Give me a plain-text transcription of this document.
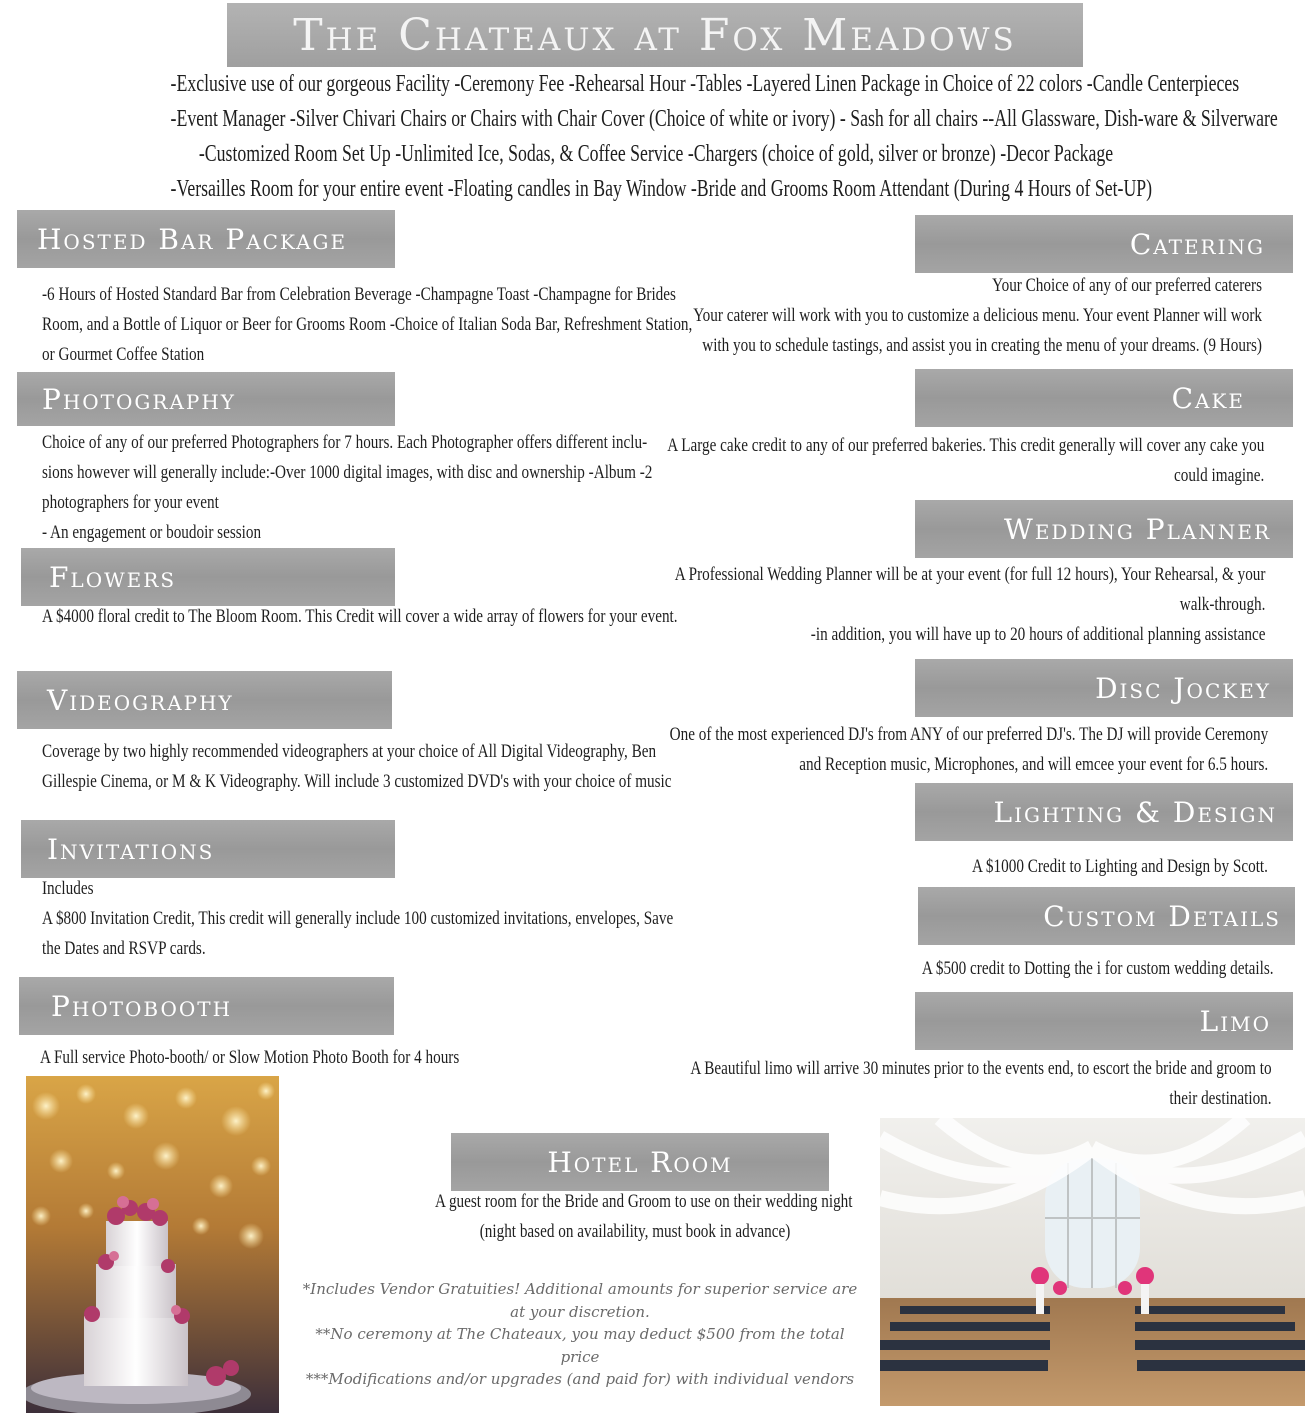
The Chateaux at Fox Meadows
-Exclusive use of our gorgeous Facility -Ceremony Fee -Rehearsal Hour -Tables -Layered Linen Package in Choice of 22 colors -Candle Centerpieces
-Event Manager -Silver Chivari Chairs or Chairs with Chair Cover (Choice of white or ivory) - Sash for all chairs --All Glassware, Dish-ware & Silverware
-Customized Room Set Up -Unlimited Ice, Sodas, & Coffee Service -Chargers (choice of gold, silver or bronze) -Decor Package
-Versailles Room for your entire event -Floating candles in Bay Window -Bride and Grooms Room Attendant (During 4 Hours of Set-UP)
Hosted Bar Package
-6 Hours of Hosted Standard Bar from Celebration Beverage -Champagne Toast -Champagne for Brides
Room, and a Bottle of Liquor or Beer for Grooms Room -Choice of Italian Soda Bar, Refreshment Station,
or Gourmet Coffee Station
Photography
Choice of any of our preferred Photographers for 7 hours. Each Photographer offers different inclu-
sions however will generally include:-Over 1000 digital images, with disc and ownership -Album -2
photographers for your event
- An engagement or boudoir session
Flowers
A $4000 floral credit to The Bloom Room. This Credit will cover a wide array of flowers for your event.
Videography
Coverage by two highly recommended videographers at your choice of All Digital Videography, Ben
Gillespie Cinema, or M & K Videography. Will include 3 customized DVD's with your choice of music
Invitations
Includes
A $800 Invitation Credit, This credit will generally include 100 customized invitations, envelopes, Save
the Dates and RSVP cards.
Photobooth
A Full service Photo-booth/ or Slow Motion Photo Booth for 4 hours
Catering
Your Choice of any of our preferred caterers
Your caterer will work with you to customize a delicious menu. Your event Planner will work
with you to schedule tastings, and assist you in creating the menu of your dreams. (9 Hours)
Cake
A Large cake credit to any of our preferred bakeries. This credit generally will cover any cake you
could imagine.
Wedding Planner
A Professional Wedding Planner will be at your event (for full 12 hours), Your Rehearsal, & your
walk-through.
-in addition, you will have up to 20 hours of additional planning assistance
Disc Jockey
One of the most experienced DJ's from ANY of our preferred DJ's. The DJ will provide Ceremony
and Reception music, Microphones, and will emcee your event for 6.5 hours.
Lighting & Design
A $1000 Credit to Lighting and Design by Scott.
Custom Details
A $500 credit to Dotting the i for custom wedding details.
Limo
A Beautiful limo will arrive 30 minutes prior to the events end, to escort the bride and groom to
their destination.
Hotel Room
A guest room for the Bride and Groom to use on their wedding night
(night based on availability, must book in advance)
*Includes Vendor Gratuities! Additional amounts for superior service are
at your discretion.
**No ceremony at The Chateaux, you may deduct $500 from the total price
***Modifications and/or upgrades (and paid for) with individual vendors
